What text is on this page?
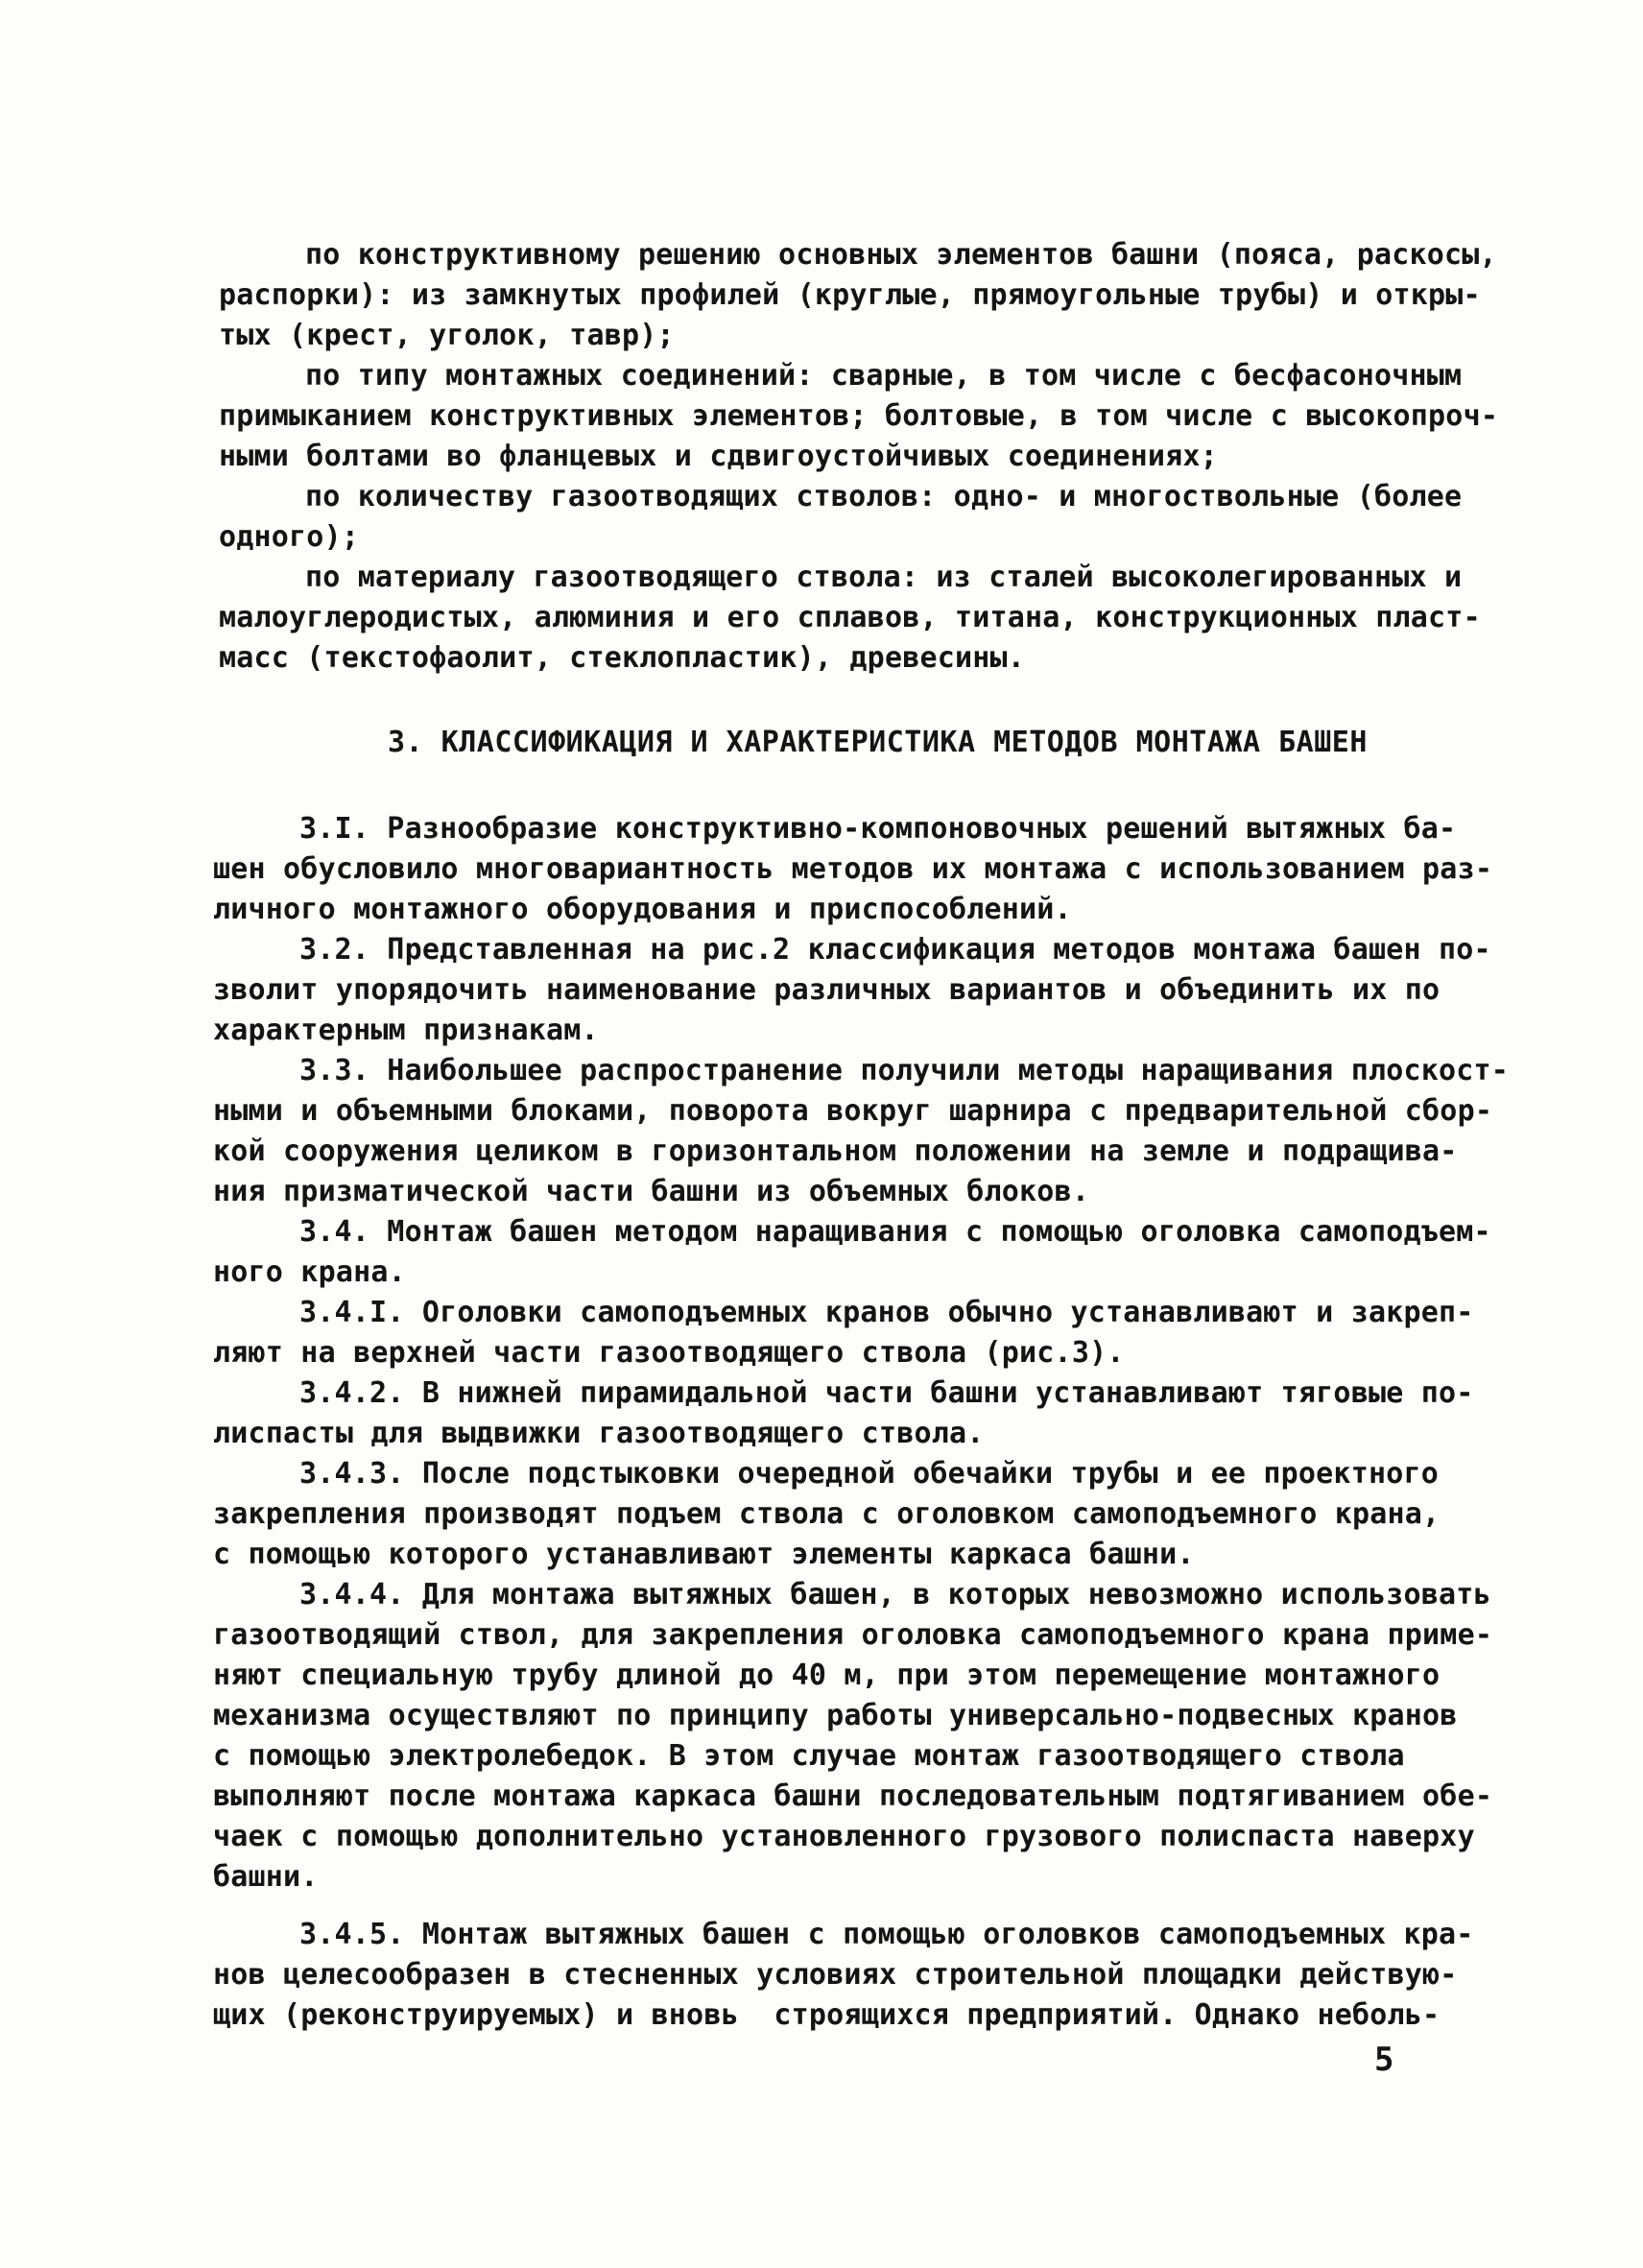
по конструктивному решению основных элементов башни (пояса, раскосы,
распорки): из замкнутых профилей (круглые, прямоугольные трубы) и откры-
тых (крест, уголок, тавр);
по типу монтажных соединений: сварные, в том числе с бесфасоночным
примыканием конструктивных элементов; болтовые, в том числе с высокопроч-
ными болтами во фланцевых и сдвигоустойчивых соединениях;
по количеству газоотводящих стволов: одно- и многоствольные (более
одного);
по материалу газоотводящего ствола: из сталей высоколегированных и
малоуглеродистых, алюминия и его сплавов, титана, конструкционных пласт-
масс (текстофаолит, стеклопластик), древесины.
3. КЛАССИФИКАЦИЯ И ХАРАКТЕРИСТИКА МЕТОДОВ МОНТАЖА БАШЕН
3.I. Разнообразие конструктивно-компоновочных решений вытяжных ба-
шен обусловило многовариантность методов их монтажа с использованием раз-
личного монтажного оборудования и приспособлений.
3.2. Представленная на рис.2 классификация методов монтажа башен по-
зволит упорядочить наименование различных вариантов и объединить их по
характерным признакам.
3.3. Наибольшее распространение получили методы наращивания плоскост-
ными и объемными блоками, поворота вокруг шарнира с предварительной сбор-
кой сооружения целиком в горизонтальном положении на земле и подращива-
ния призматической части башни из объемных блоков.
3.4. Монтаж башен методом наращивания с помощью оголовка самоподъем-
ного крана.
3.4.I. Оголовки самоподъемных кранов обычно устанавливают и закреп-
ляют на верхней части газоотводящего ствола (рис.3).
3.4.2. В нижней пирамидальной части башни устанавливают тяговые по-
лиспасты для выдвижки газоотводящего ствола.
3.4.3. После подстыковки очередной обечайки трубы и ее проектного
закрепления производят подъем ствола с оголовком самоподъемного крана,
с помощью которого устанавливают элементы каркаса башни.
3.4.4. Для монтажа вытяжных башен, в которых невозможно использовать
газоотводящий ствол, для закрепления оголовка самоподъемного крана приме-
няют специальную трубу длиной до 40 м, при этом перемещение монтажного
механизма осуществляют по принципу работы универсально-подвесных кранов
с помощью электролебедок. В этом случае монтаж газоотводящего ствола
выполняют после монтажа каркаса башни последовательным подтягиванием обе-
чаек с помощью дополнительно установленного грузового полиспаста наверху
башни.
3.4.5. Монтаж вытяжных башен с помощью оголовков самоподъемных кра-
нов целесообразен в стесненных условиях строительной площадки действую-
щих (реконструируемых) и вновь  строящихся предприятий. Однако неболь-
5
